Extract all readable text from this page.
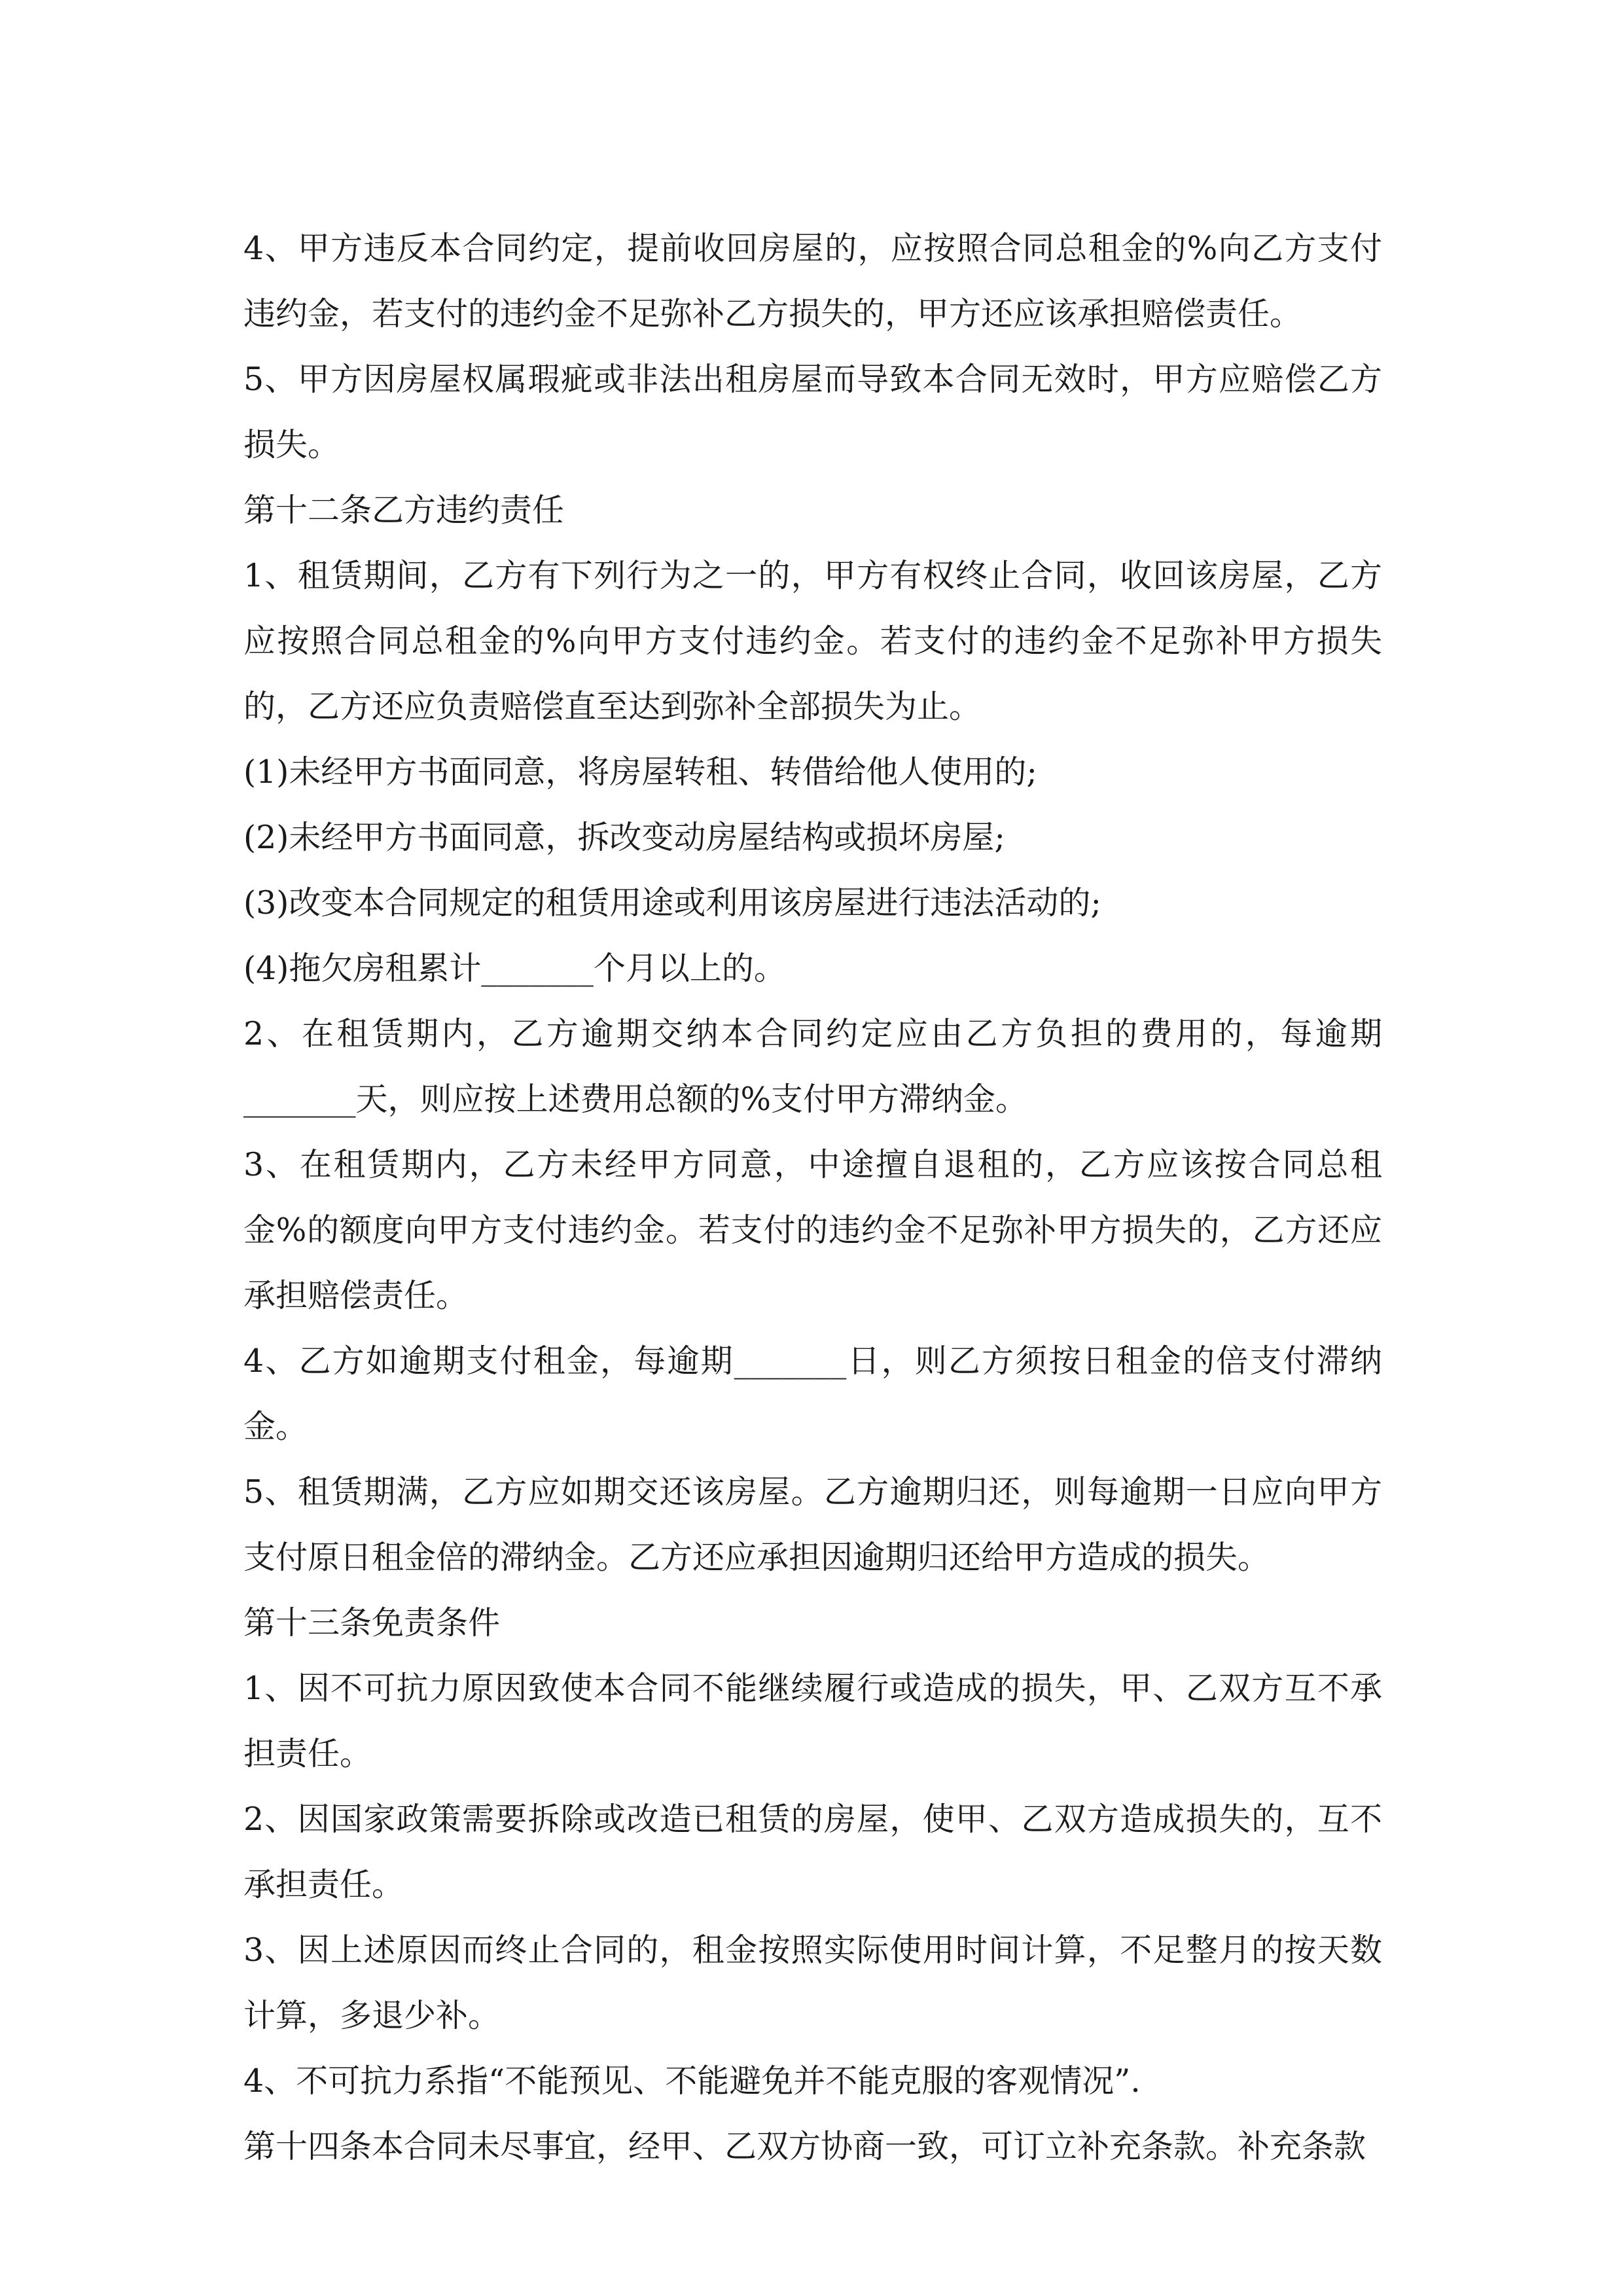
4、甲方违反本合同约定，提前收回房屋的，应按照合同总租金的%向乙方支付违约金，若支付的违约金不足弥补乙方损失的，甲方还应该承担赔偿责任。

5、甲方因房屋权属瑕疵或非法出租房屋而导致本合同无效时，甲方应赔偿乙方损失。

第十二条乙方违约责任

1、租赁期间，乙方有下列行为之一的，甲方有权终止合同，收回该房屋，乙方应按照合同总租金的%向甲方支付违约金。若支付的违约金不足弥补甲方损失的，乙方还应负责赔偿直至达到弥补全部损失为止。

(1)未经甲方书面同意，将房屋转租、转借给他人使用的;

(2)未经甲方书面同意，拆改变动房屋结构或损坏房屋;

(3)改变本合同规定的租赁用途或利用该房屋进行违法活动的;

(4)拖欠房租累计_______个月以上的。

2、在租赁期内，乙方逾期交纳本合同约定应由乙方负担的费用的，每逾期_______天，则应按上述费用总额的%支付甲方滞纳金。

3、在租赁期内，乙方未经甲方同意，中途擅自退租的，乙方应该按合同总租金%的额度向甲方支付违约金。若支付的违约金不足弥补甲方损失的，乙方还应承担赔偿责任。

4、乙方如逾期支付租金，每逾期_______日，则乙方须按日租金的倍支付滞纳金。

5、租赁期满，乙方应如期交还该房屋。乙方逾期归还，则每逾期一日应向甲方支付原日租金倍的滞纳金。乙方还应承担因逾期归还给甲方造成的损失。

第十三条免责条件

1、因不可抗力原因致使本合同不能继续履行或造成的损失，甲、乙双方互不承担责任。

2、因国家政策需要拆除或改造已租赁的房屋，使甲、乙双方造成损失的，互不承担责任。

3、因上述原因而终止合同的，租金按照实际使用时间计算，不足整月的按天数计算，多退少补。

4、不可抗力系指“不能预见、不能避免并不能克服的客观情况”.

第十四条本合同未尽事宜，经甲、乙双方协商一致，可订立补充条款。补充条款
